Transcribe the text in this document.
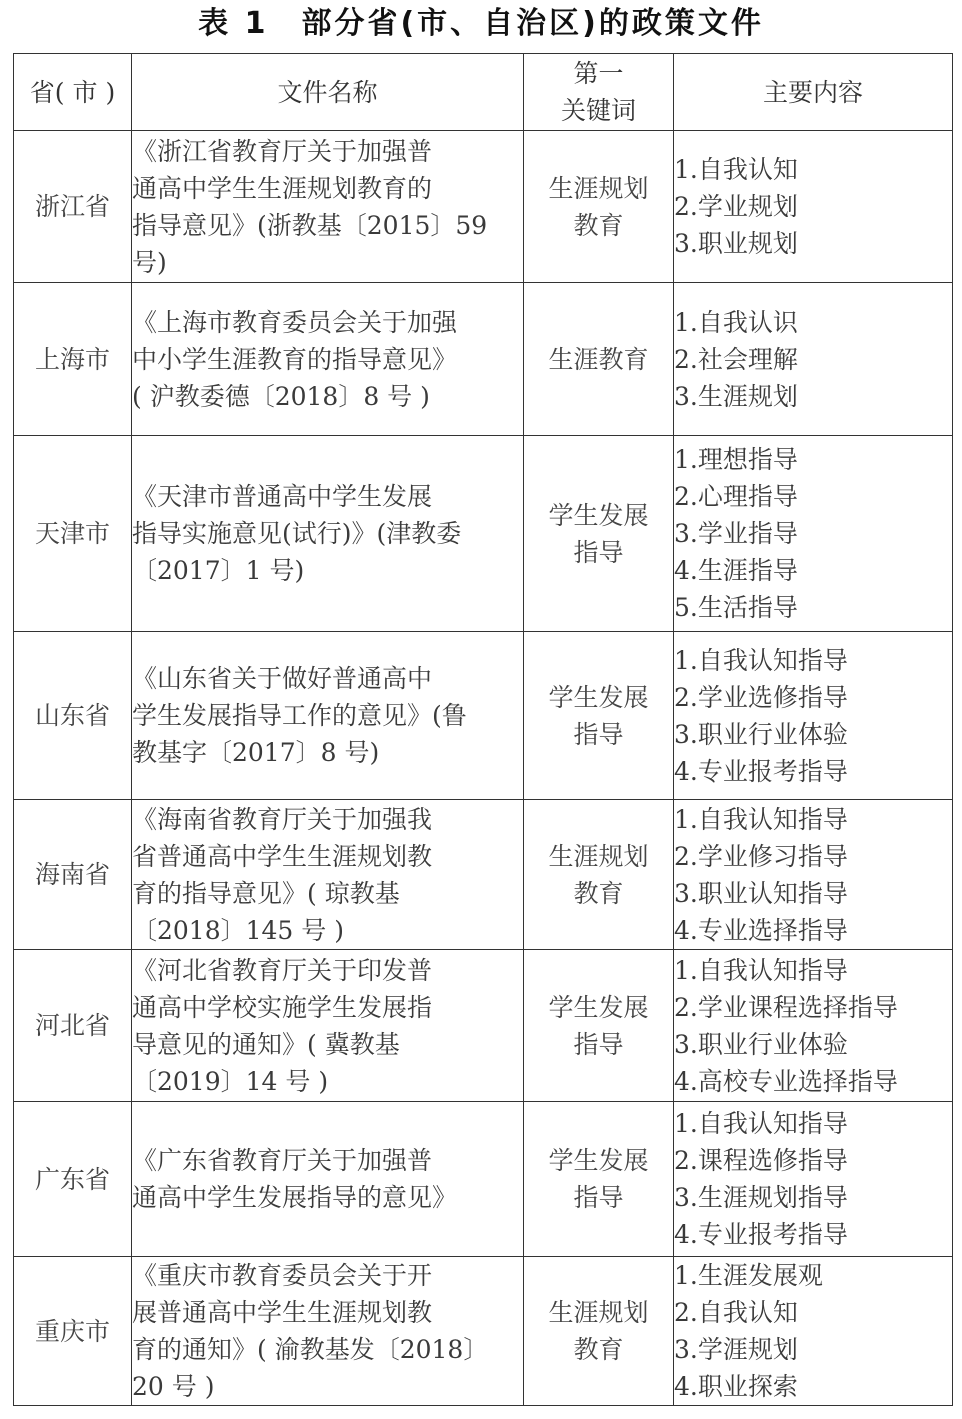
表 1　部分省(市、自治区)的政策文件
省( 市 )	文件名称	第一
关键词	主要内容
浙江省	《浙江省教育厅关于加强普
通高中学生生涯规划教育的
指导意见》(浙教基〔2015〕59
号)	生涯规划
教育	1.自我认知
2.学业规划
3.职业规划

上海市	《上海市教育委员会关于加强
中小学生涯教育的指导意见》
( 沪教委德〔2018〕8 号 )	生涯教育	1.自我认识
2.社会理解
3.生涯规划

天津市	《天津市普通高中学生发展
指导实施意见(试行)》(津教委
〔2017〕1 号)	学生发展
指导	1.理想指导
2.心理指导
3.学业指导
4.生涯指导
5.生活指导

山东省	《山东省关于做好普通高中
学生发展指导工作的意见》(鲁
教基字〔2017〕8 号)	学生发展
指导	1.自我认知指导
2.学业选修指导
3.职业行业体验
4.专业报考指导

海南省	《海南省教育厅关于加强我
省普通高中学生生涯规划教
育的指导意见》( 琼教基
〔2018〕145 号 )	生涯规划
教育	1.自我认知指导
2.学业修习指导
3.职业认知指导
4.专业选择指导

河北省	《河北省教育厅关于印发普
通高中学校实施学生发展指
导意见的通知》( 冀教基
〔2019〕14 号 )	学生发展
指导	1.自我认知指导
2.学业课程选择指导
3.职业行业体验
4.高校专业选择指导

广东省	《广东省教育厅关于加强普
通高中学生发展指导的意见》	学生发展
指导	1.自我认知指导
2.课程选修指导
3.生涯规划指导
4.专业报考指导

重庆市	《重庆市教育委员会关于开
展普通高中学生生涯规划教
育的通知》( 渝教基发〔2018〕
20 号 )	生涯规划
教育	1.生涯发展观
2.自我认知
3.学涯规划
4.职业探索
